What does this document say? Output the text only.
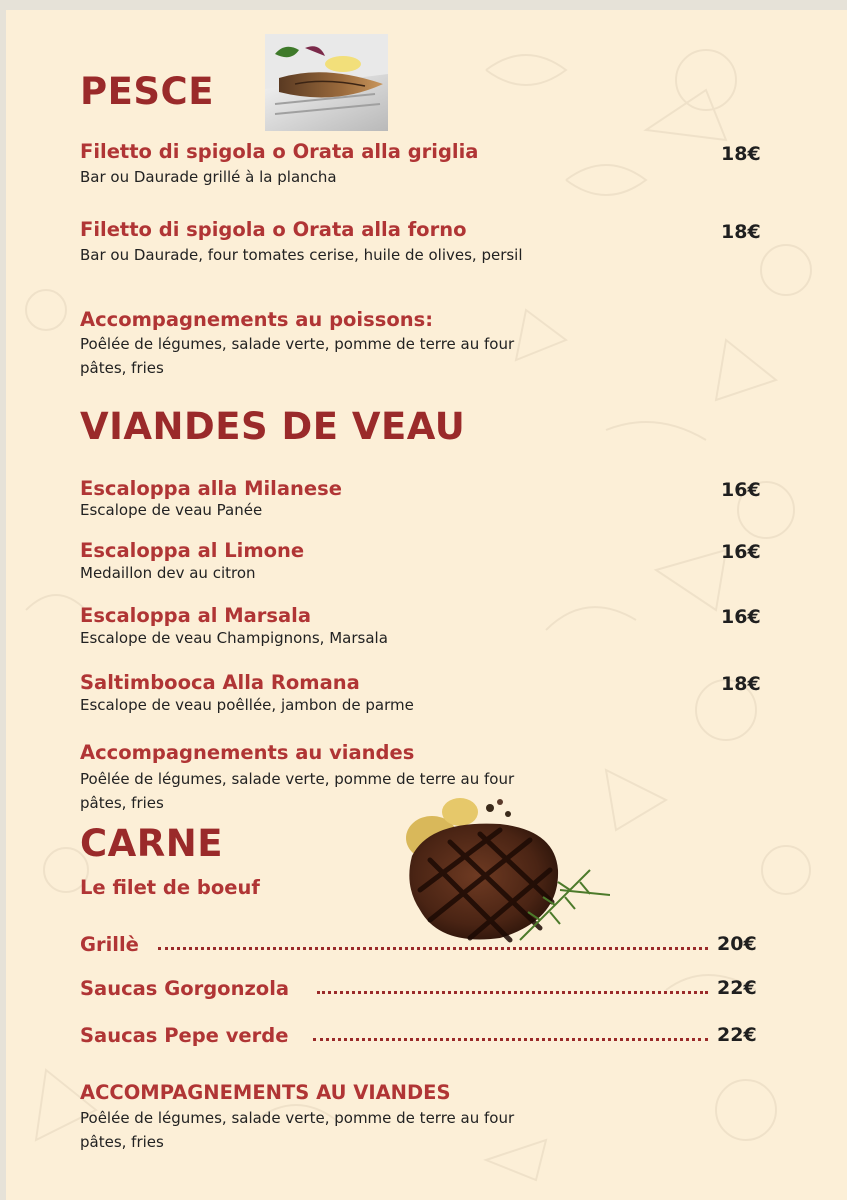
PESCE

Filetto di spigola o Orata alla griglia

Bar ou Daurade grillé à la plancha

18€

Filetto di spigola o Orata alla forno

Bar ou Daurade, four tomates cerise, huile de olives, persil

18€

Accompagnements au poissons:

Poêlée de légumes, salade verte, pomme de terre au four

pâtes, fries

VIANDES DE VEAU

Escaloppa alla Milanese

Escalope de veau Panée

16€

Escaloppa al Limone

Medaillon dev au citron

16€

Escaloppa al Marsala

Escalope de veau Champignons, Marsala

16€

Saltimbooca Alla Romana

Escalope de veau poêllée, jambon de parme

18€

Accompagnements au viandes

Poêlée de légumes, salade verte, pomme de terre au four

pâtes, fries

CARNE

Le filet de boeuf

Grillè	20€

Saucas Gorgonzola	22€

Saucas Pepe verde	22€

ACCOMPAGNEMENTS AU VIANDES

Poêlée de légumes, salade verte, pomme de terre au four

pâtes, fries
